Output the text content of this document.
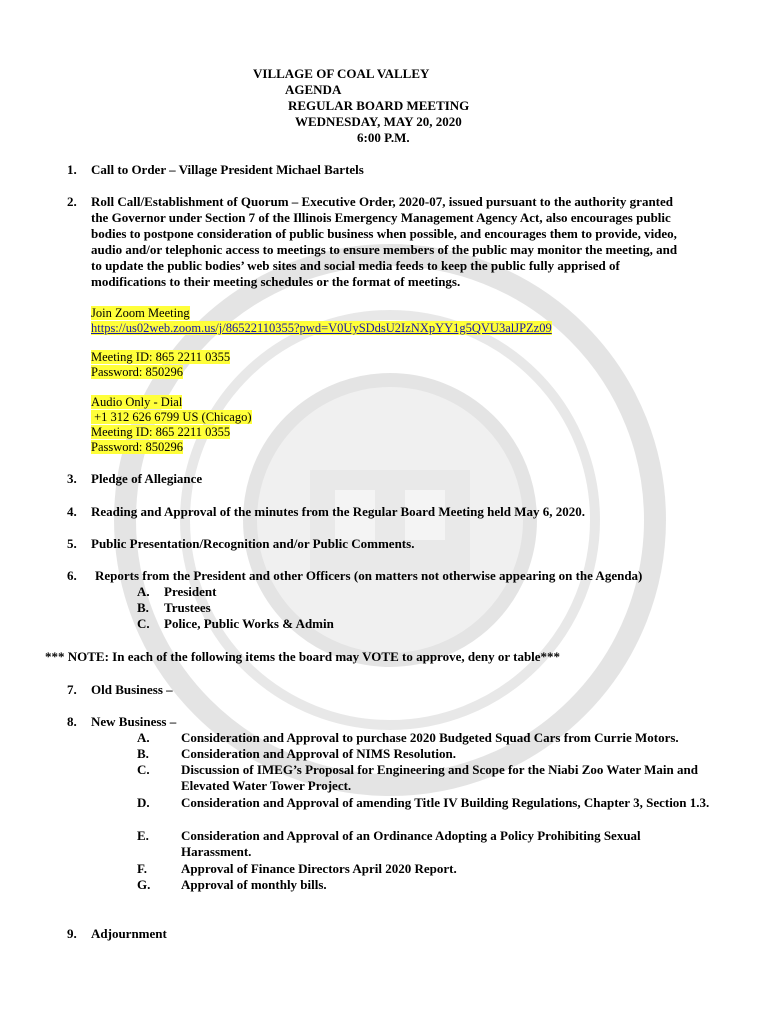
VILLAGE OF COAL VALLEY
AGENDA
REGULAR BOARD MEETING
WEDNESDAY, MAY 20, 2020
6:00 P.M.
1. Call to Order – Village President Michael Bartels
2. Roll Call/Establishment of Quorum – Executive Order, 2020-07, issued pursuant to the authority granted
the Governor under Section 7 of the Illinois Emergency Management Agency Act, also encourages public
bodies to postpone consideration of public business when possible, and encourages them to provide, video,
audio and/or telephonic access to meetings to ensure members of the public may monitor the meeting, and
to update the public bodies’ web sites and social media feeds to keep the public fully apprised of
modifications to their meeting schedules or the format of meetings.
Join Zoom Meeting
https://us02web.zoom.us/j/86522110355?pwd=V0UySDdsU2IzNXpYY1g5QVU3alJPZz09
Meeting ID: 865 2211 0355
Password: 850296
Audio Only - Dial
+1 312 626 6799 US (Chicago)
Meeting ID: 865 2211 0355
Password: 850296
3. Pledge of Allegiance
4. Reading and Approval of the minutes from the Regular Board Meeting held May 6, 2020.
5. Public Presentation/Recognition and/or Public Comments.
6. Reports from the President and other Officers (on matters not otherwise appearing on the Agenda)
A. President
B. Trustees
C. Police, Public Works & Admin
*** NOTE: In each of the following items the board may VOTE to approve, deny or table***
7. Old Business –
8. New Business –
A. Consideration and Approval to purchase 2020 Budgeted Squad Cars from Currie Motors.
B. Consideration and Approval of NIMS Resolution.
C. Discussion of IMEG’s Proposal for Engineering and Scope for the Niabi Zoo Water Main and Elevated Water Tower Project.
D. Consideration and Approval of amending Title IV Building Regulations, Chapter 3, Section 1.3.
E. Consideration and Approval of an Ordinance Adopting a Policy Prohibiting Sexual Harassment.
F.	Approval of Finance Directors April 2020 Report.
G. Approval of monthly bills.
9. Adjournment
